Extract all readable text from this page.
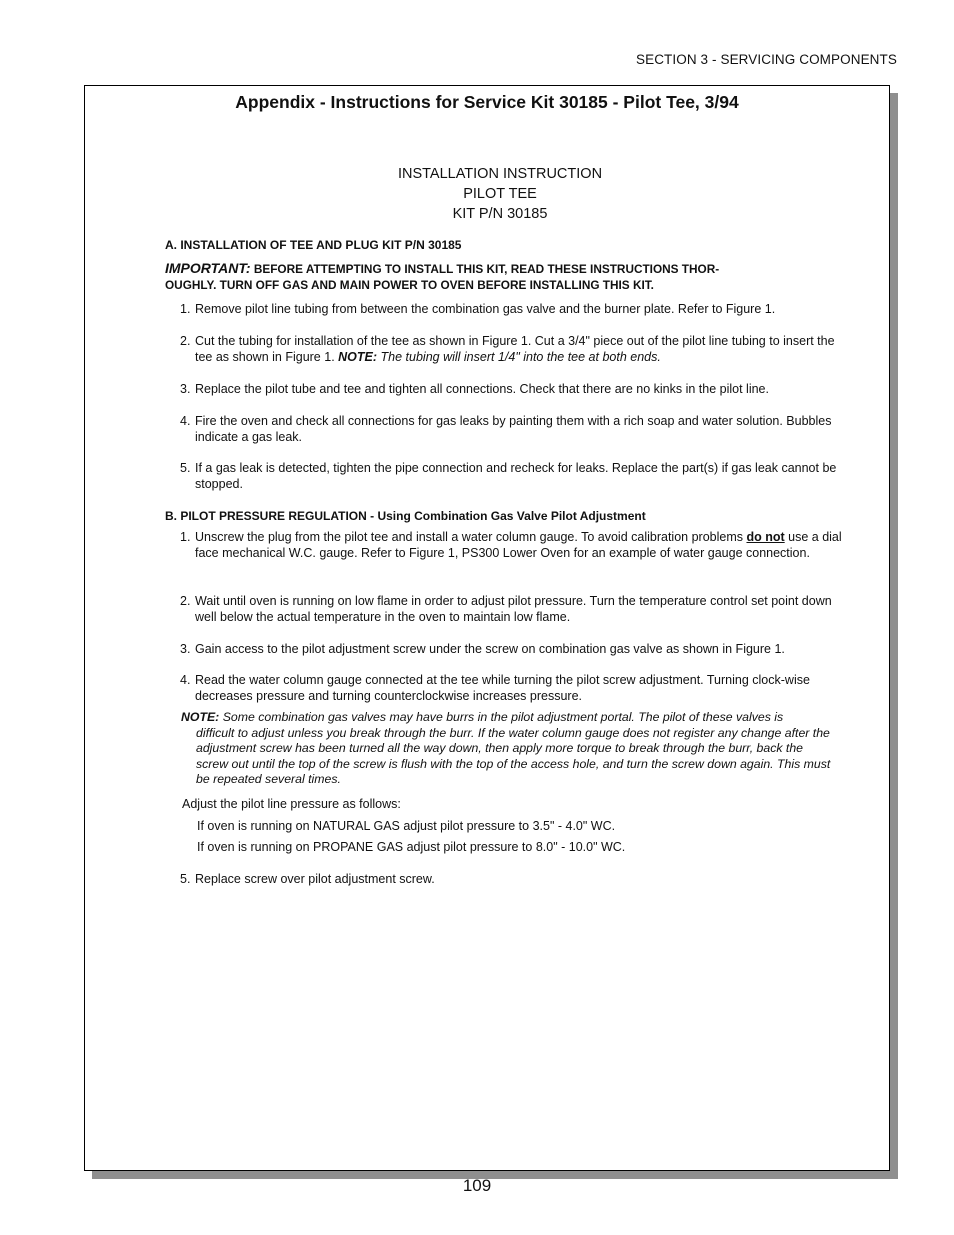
SECTION 3 - SERVICING COMPONENTS
Appendix - Instructions for Service Kit 30185 - Pilot Tee, 3/94
INSTALLATION INSTRUCTION
PILOT TEE
KIT P/N 30185
A. INSTALLATION OF TEE AND PLUG KIT P/N 30185
IMPORTANT: BEFORE ATTEMPTING TO INSTALL THIS KIT, READ THESE INSTRUCTIONS THOR-
OUGHLY. TURN OFF GAS AND MAIN POWER TO OVEN BEFORE INSTALLING THIS KIT.
1. Remove pilot line tubing from between the combination gas valve and the burner plate. Refer to Figure 1.
2. Cut the tubing for installation of the tee as shown in Figure 1. Cut a 3/4" piece out of the pilot line tubing to insert the tee as shown in Figure 1. NOTE: The tubing will insert 1/4" into the tee at both ends.
3. Replace the pilot tube and tee and tighten all connections. Check that there are no kinks in the pilot line.
4. Fire the oven and check all connections for gas leaks by painting them with a rich soap and water solution. Bubbles indicate a gas leak.
5. If a gas leak is detected, tighten the pipe connection and recheck for leaks. Replace the part(s) if gas leak cannot be stopped.
B. PILOT PRESSURE REGULATION - Using Combination Gas Valve Pilot Adjustment
1. Unscrew the plug from the pilot tee and install a water column gauge. To avoid calibration problems do not use a dial face mechanical W.C. gauge. Refer to Figure 1, PS300 Lower Oven for an example of water gauge connection.
2. Wait until oven is running on low flame in order to adjust pilot pressure. Turn the temperature control set point down well below the actual temperature in the oven to maintain low flame.
3. Gain access to the pilot adjustment screw under the screw on combination gas valve as shown in Figure 1.
4. Read the water column gauge connected at the tee while turning the pilot screw adjustment. Turning clock-wise decreases pressure and turning counterclockwise increases pressure.
NOTE: Some combination gas valves may have burrs in the pilot adjustment portal. The pilot of these valves is
difficult to adjust unless you break through the burr. If the water column gauge does not register any change after the adjustment screw has been turned all the way down, then apply more torque to break through the burr, back the screw out until the top of the screw is flush with the top of the access hole, and turn the screw down again. This must be repeated several times.
Adjust the pilot line pressure as follows:
If oven is running on NATURAL GAS adjust pilot pressure to 3.5" - 4.0" WC.
If oven is running on PROPANE GAS adjust pilot pressure to 8.0" - 10.0" WC.
5. Replace screw over pilot adjustment screw.
109
